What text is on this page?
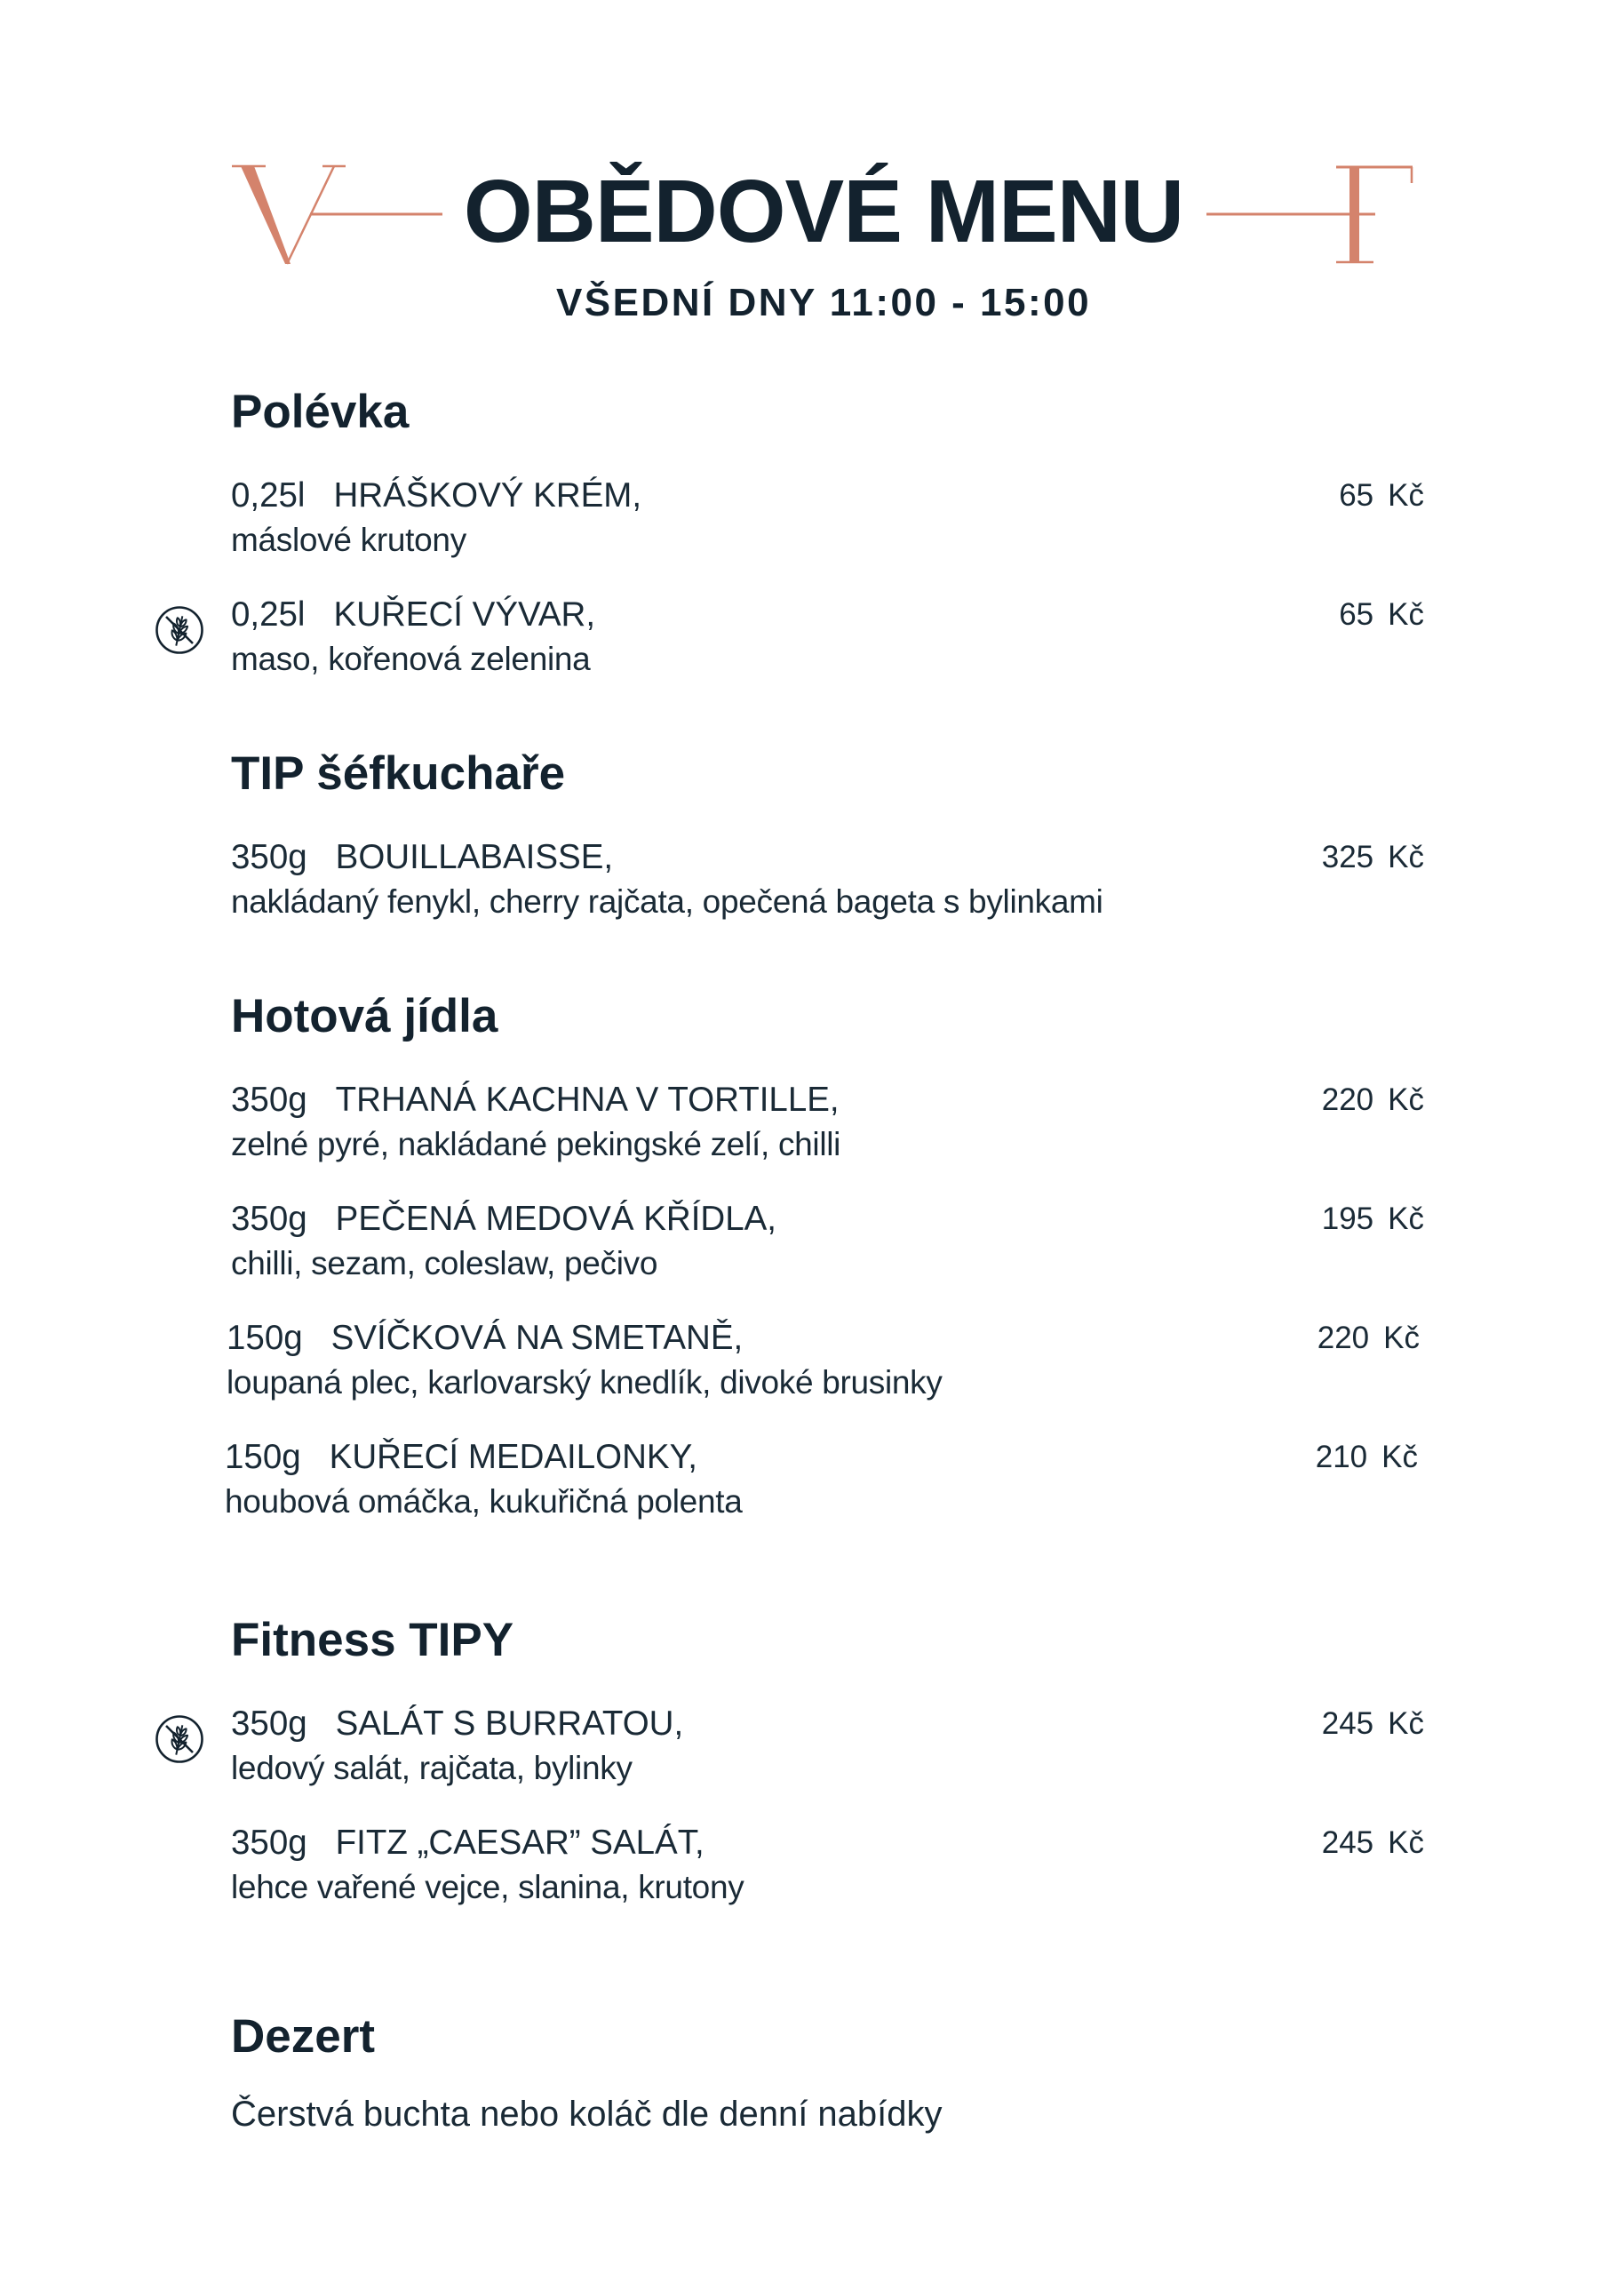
OBĚDOVÉ MENU
VŠEDNÍ DNY 11:00 - 15:00
Polévka
0,25l HRÁŠKOVÝ KRÉM,
máslové krutony
65 Kč
0,25l KUŘECÍ VÝVAR,
maso, kořenová zelenina
65 Kč
TIP šéfkuchaře
350g BOUILLABAISSE,
nakládaný fenykl, cherry rajčata, opečená bageta s bylinkami
325 Kč
Hotová jídla
350g TRHANÁ KACHNA V TORTILLE,
zelné pyré, nakládané pekingské zelí, chilli
220 Kč
350g PEČENÁ MEDOVÁ KŘÍDLA,
chilli, sezam, coleslaw, pečivo
195 Kč
150g SVÍČKOVÁ NA SMETANĚ,
loupaná plec, karlovarský knedlík, divoké brusinky
220 Kč
150g KUŘECÍ MEDAILONKY,
houbová omáčka, kukuřičná polenta
210 Kč
Fitness TIPY
350g SALÁT S BURRATOU,
ledový salát, rajčata, bylinky
245 Kč
350g FITZ „CAESAR” SALÁT,
lehce vařené vejce, slanina, krutony
245 Kč
Dezert
Čerstvá buchta nebo koláč dle denní nabídky
